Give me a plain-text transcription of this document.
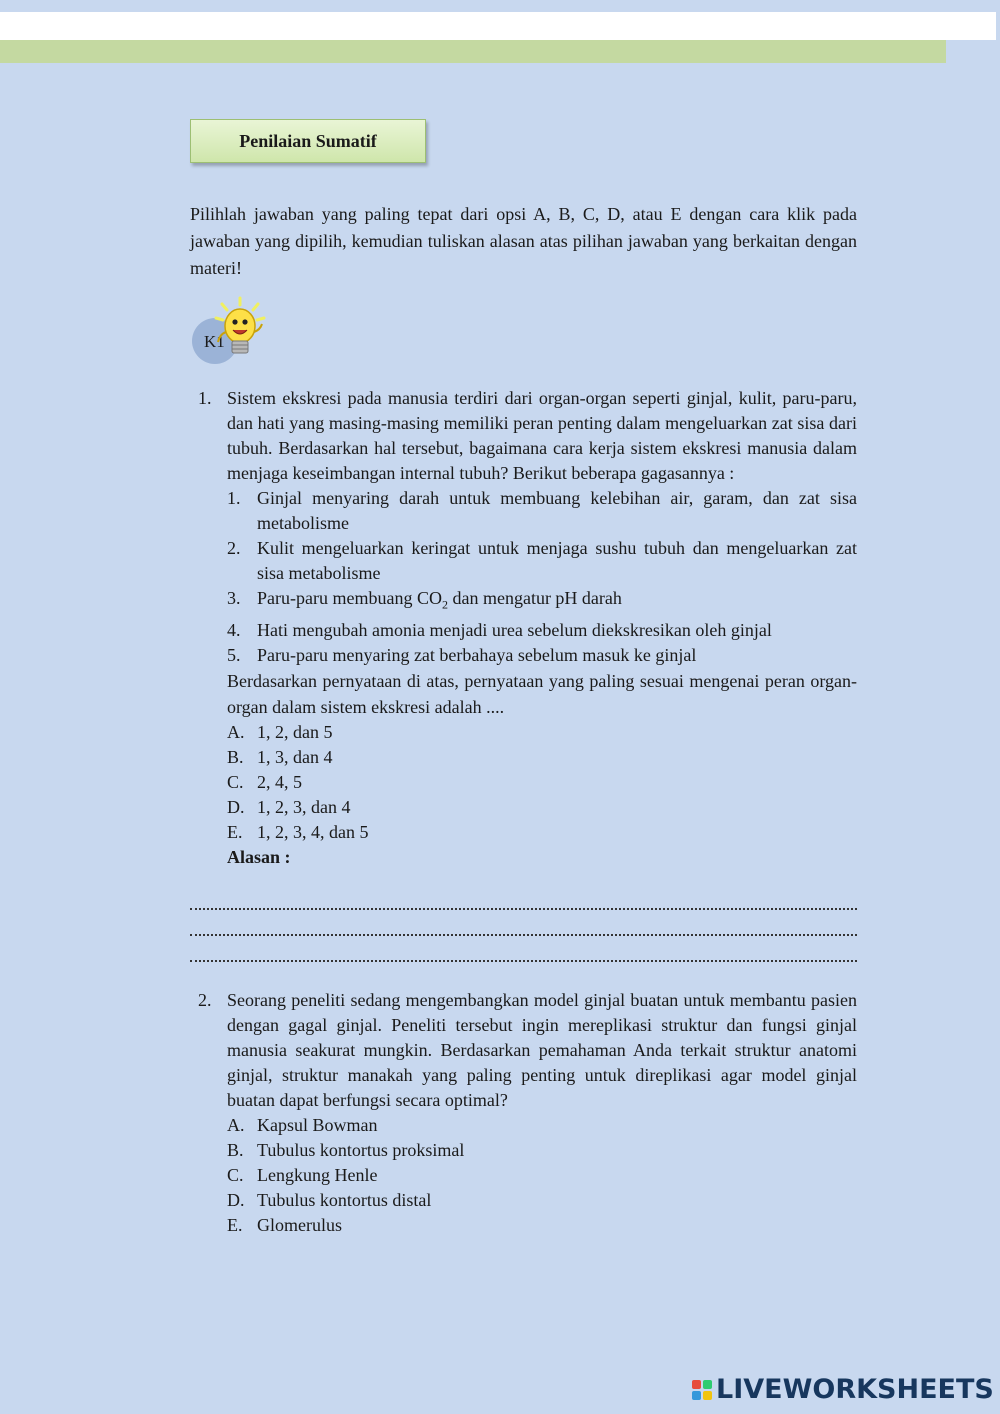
Penilaian Sumatif
Pilihlah jawaban yang paling tepat dari opsi A, B, C, D, atau E dengan cara klik pada jawaban yang dipilih, kemudian tuliskan alasan atas pilihan jawaban yang berkaitan dengan materi!
K1
1. Sistem ekskresi pada manusia terdiri dari organ-organ seperti ginjal, kulit, paru-paru, dan hati yang masing-masing memiliki peran penting dalam mengeluarkan zat sisa dari tubuh. Berdasarkan hal tersebut, bagaimana cara kerja sistem ekskresi manusia dalam menjaga keseimbangan internal tubuh? Berikut beberapa gagasannya :
1. Ginjal menyaring darah untuk membuang kelebihan air, garam, dan zat sisa metabolisme
2. Kulit mengeluarkan keringat untuk menjaga sushu tubuh dan mengeluarkan zat sisa metabolisme
3. Paru-paru membuang $CO_2$ dan mengatur pH darah
4. Hati mengubah amonia menjadi urea sebelum diekskresikan oleh ginjal
5. Paru-paru menyaring zat berbahaya sebelum masuk ke ginjal
Berdasarkan pernyataan di atas, pernyataan yang paling sesuai mengenai peran organ-organ dalam sistem ekskresi adalah ....
A. 1, 2, dan 5
B. 1, 3, dan 4
C. 2, 4, 5
D. 1, 2, 3, dan 4
E. 1, 2, 3, 4, dan 5
Alasan :
2. Seorang peneliti sedang mengembangkan model ginjal buatan untuk membantu pasien dengan gagal ginjal. Peneliti tersebut ingin mereplikasi struktur dan fungsi ginjal manusia seakurat mungkin. Berdasarkan pemahaman Anda terkait struktur anatomi ginjal, struktur manakah yang paling penting untuk direplikasi agar model ginjal buatan dapat berfungsi secara optimal?
A. Kapsul Bowman
B. Tubulus kontortus proksimal
C. Lengkung Henle
D. Tubulus kontortus distal
E. Glomerulus
LIVEWORKSHEETS
